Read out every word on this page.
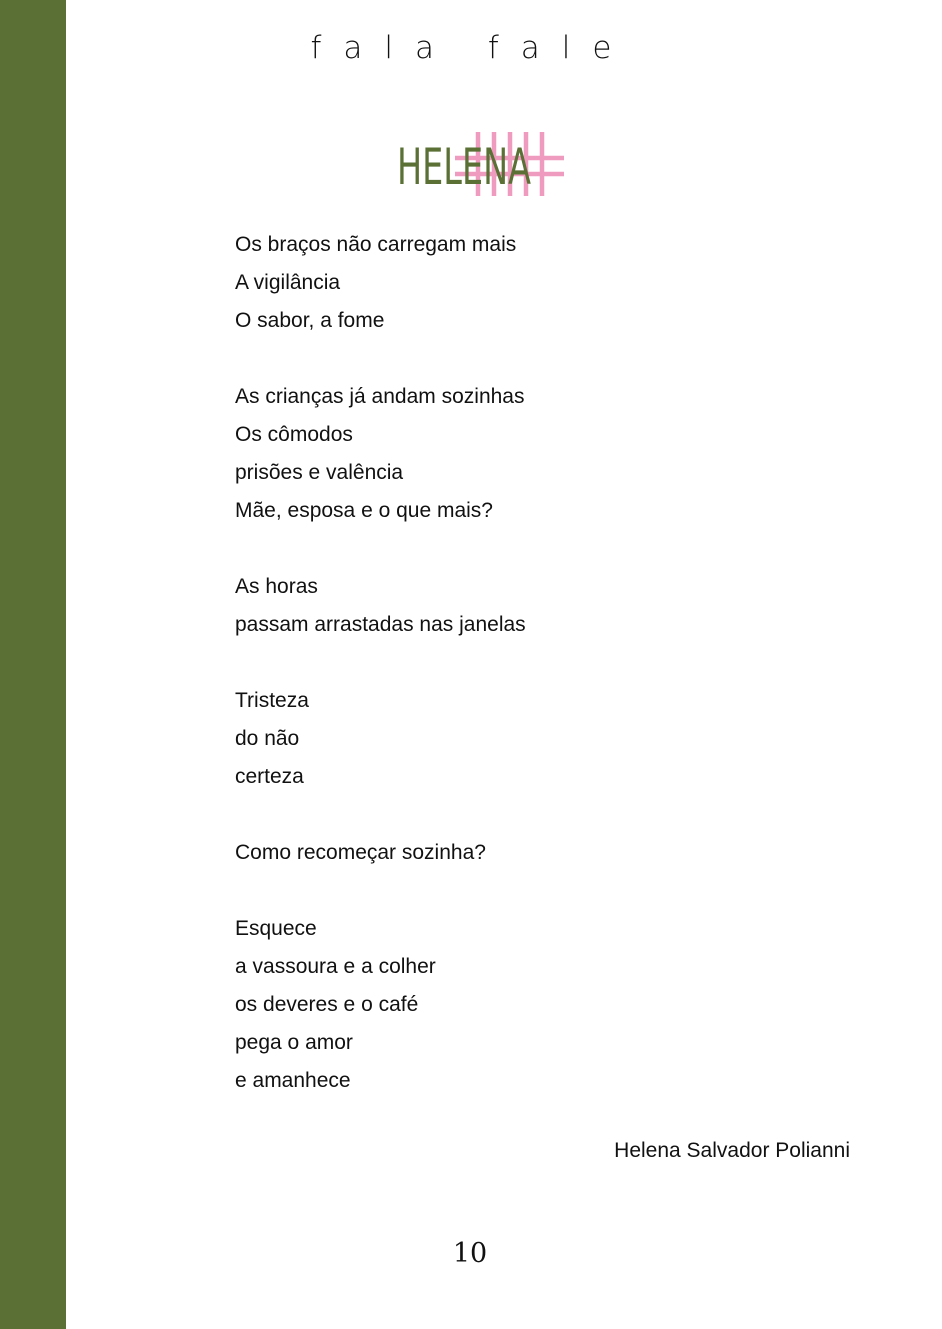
fala fale
HELENA
Os braços não carregam mais
A vigilância
O sabor, a fome
As crianças já andam sozinhas
Os cômodos
prisões e valência
Mãe, esposa e o que mais?
As horas
passam arrastadas nas janelas
Tristeza
do não
certeza
Como recomeçar sozinha?
Esquece
a vassoura e a colher
os deveres e o café
pega o amor
e amanhece
Helena Salvador Polianni
10
